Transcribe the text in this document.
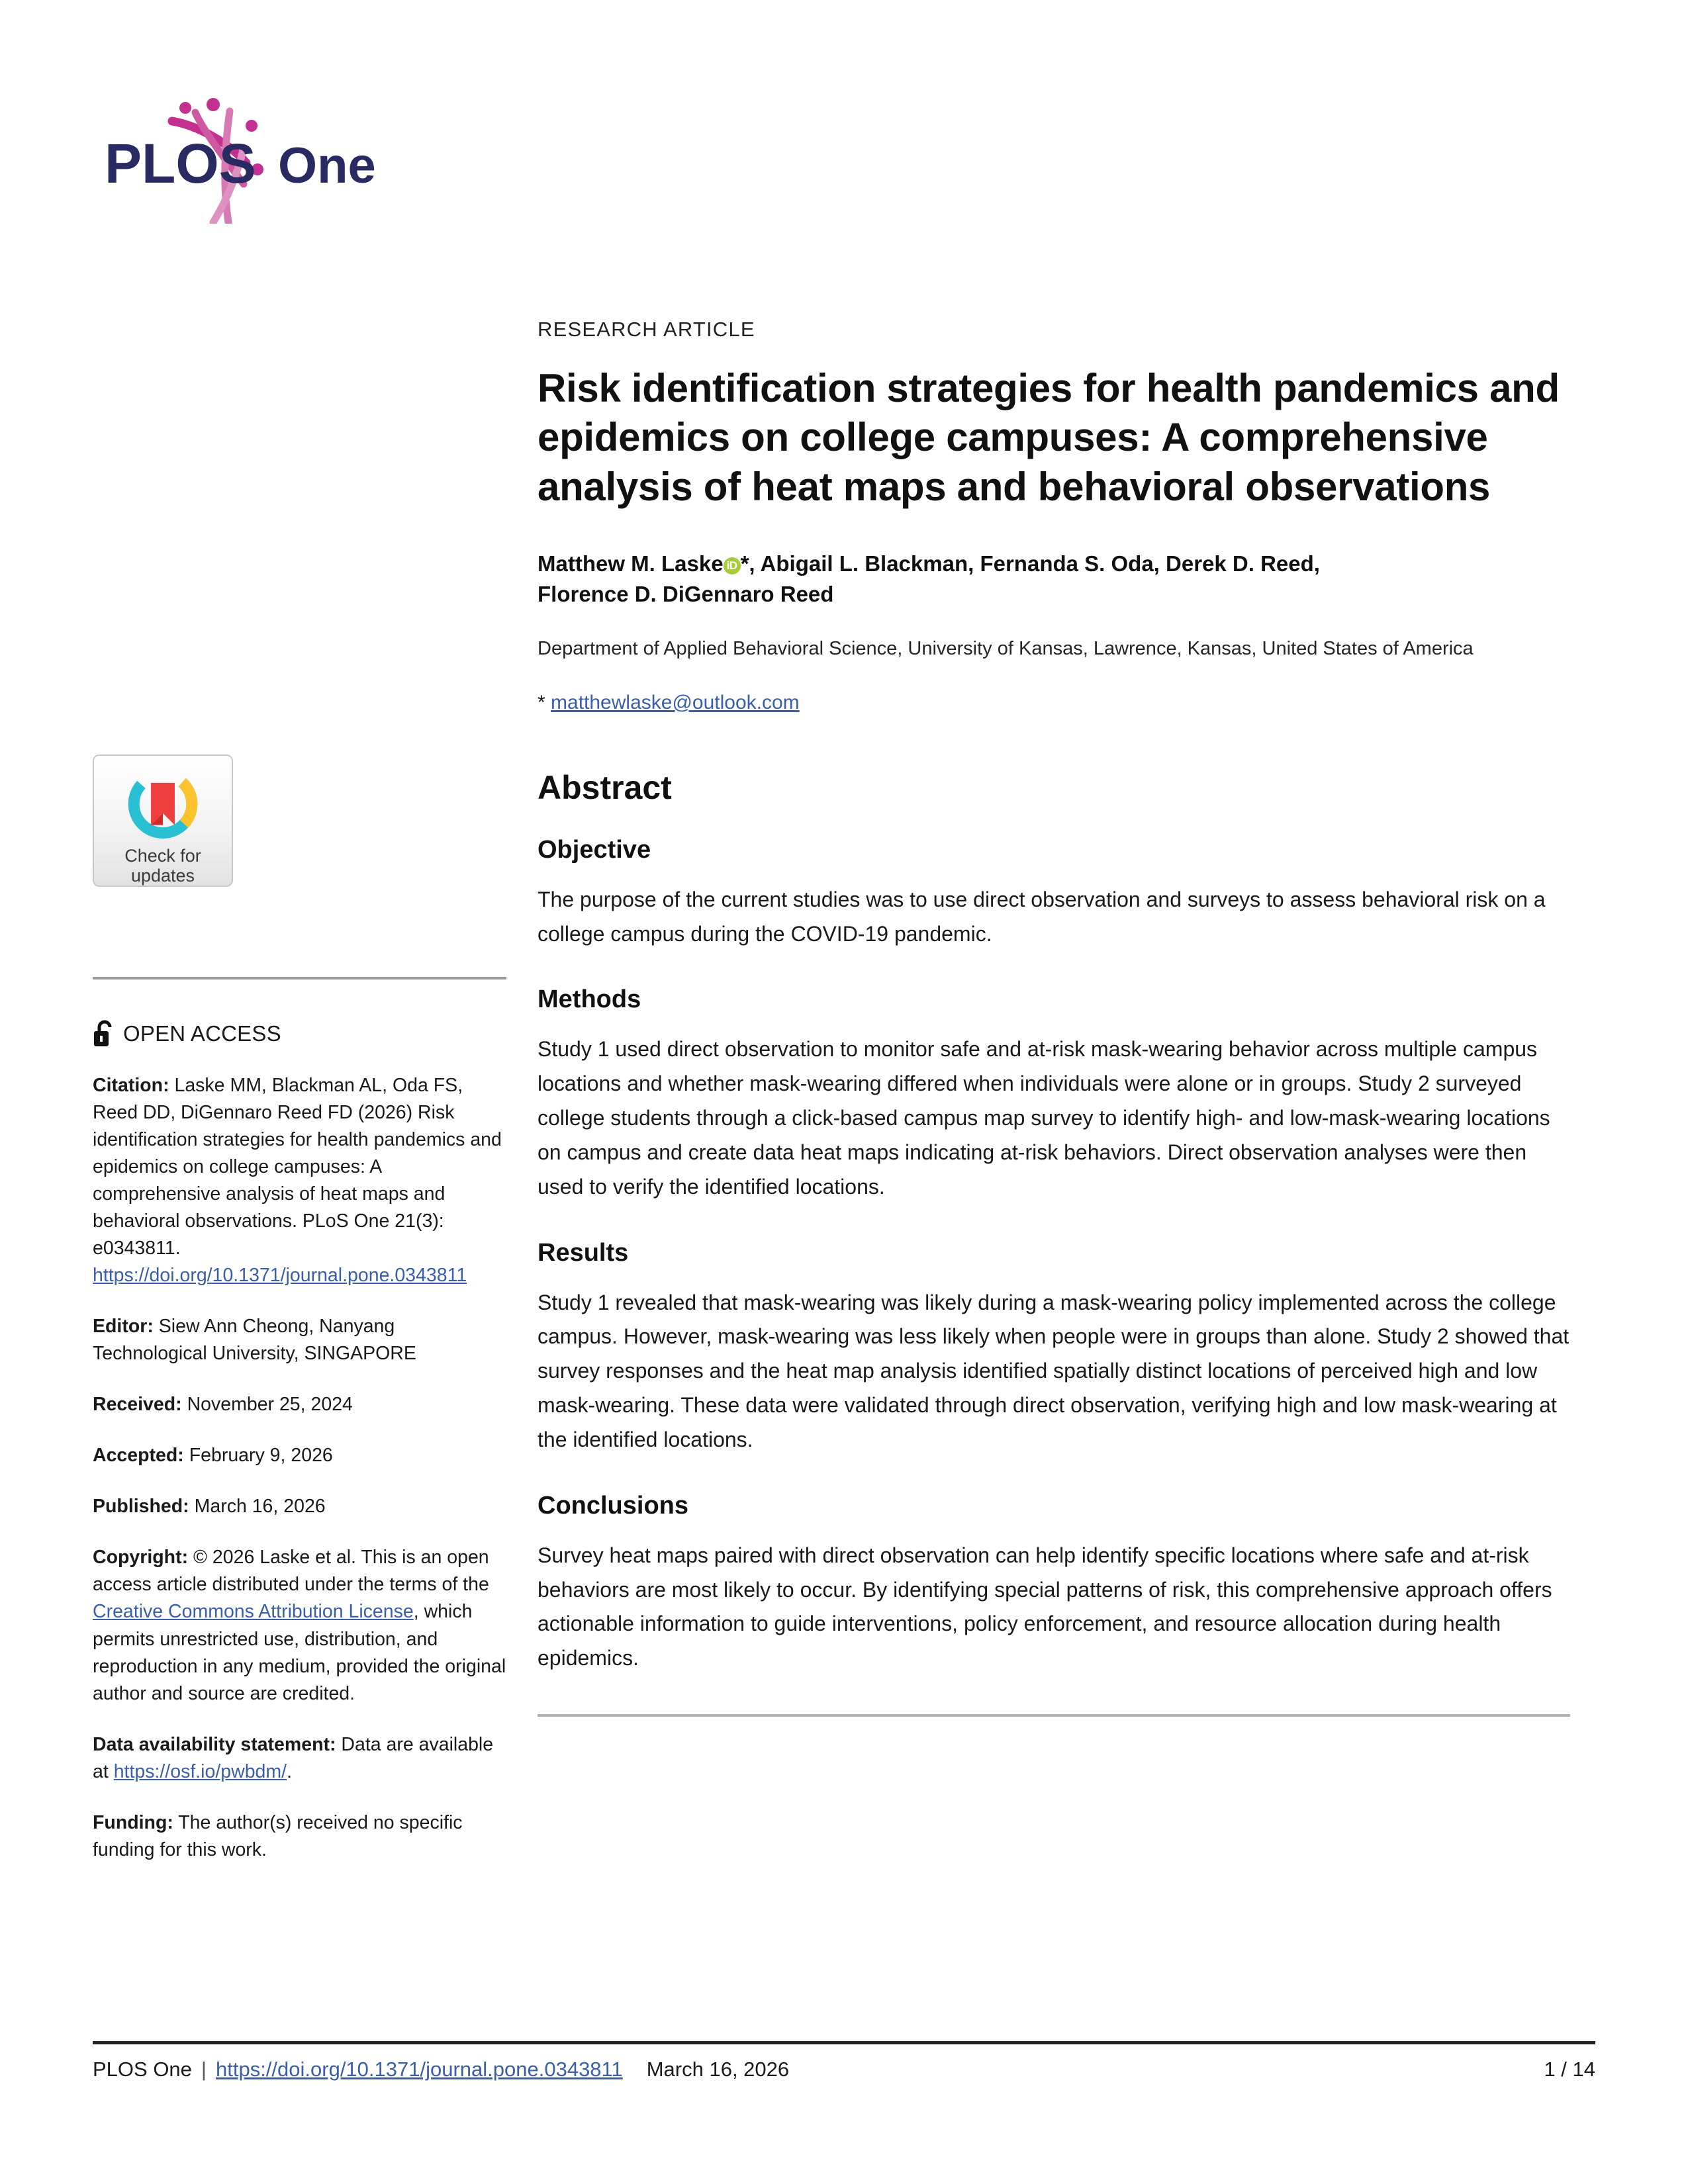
PLOS One
Check for
updates
OPEN ACCESS
Citation: Laske MM, Blackman AL, Oda FS, Reed DD, DiGennaro Reed FD (2026) Risk identification strategies for health pandemics and epidemics on college campuses: A comprehensive analysis of heat maps and behavioral observations. PLoS One 21(3): e0343811. https://doi.org/10.1371/journal.pone.0343811
Editor: Siew Ann Cheong, Nanyang Technological University, SINGAPORE
Received: November 25, 2024
Accepted: February 9, 2026
Published: March 16, 2026
Copyright: © 2026 Laske et al. This is an open access article distributed under the terms of the Creative Commons Attribution License, which permits unrestricted use, distribution, and reproduction in any medium, provided the original author and source are credited.
Data availability statement: Data are available at https://osf.io/pwbdm/.
Funding: The author(s) received no specific funding for this work.
RESEARCH ARTICLE
Risk identification strategies for health pandemics and epidemics on college campuses: A comprehensive analysis of heat maps and behavioral observations
Matthew M. Laske iD *, Abigail L. Blackman, Fernanda S. Oda, Derek D. Reed,
Florence D. DiGennaro Reed
Department of Applied Behavioral Science, University of Kansas, Lawrence, Kansas, United States of America
* matthewlaske@outlook.com
Abstract
Objective

The purpose of the current studies was to use direct observation and surveys to assess behavioral risk on a college campus during the COVID-19 pandemic.

Methods

Study 1 used direct observation to monitor safe and at-risk mask-wearing behavior across multiple campus locations and whether mask-wearing differed when individuals were alone or in groups. Study 2 surveyed college students through a click-based campus map survey to identify high- and low-mask-wearing locations on campus and create data heat maps indicating at-risk behaviors. Direct observation analyses were then used to verify the identified locations.

Results

Study 1 revealed that mask-wearing was likely during a mask-wearing policy implemented across the college campus. However, mask-wearing was less likely when people were in groups than alone. Study 2 showed that survey responses and the heat map analysis identified spatially distinct locations of perceived high and low mask-wearing. These data were validated through direct observation, verifying high and low mask-wearing at the identified locations.

Conclusions

Survey heat maps paired with direct observation can help identify specific locations where safe and at-risk behaviors are most likely to occur. By identifying special patterns of risk, this comprehensive approach offers actionable information to guide interventions, policy enforcement, and resource allocation during health epidemics.

PLOS One | https://doi.org/10.1371/journal.pone.0343811 March 16, 2026	1 / 14
